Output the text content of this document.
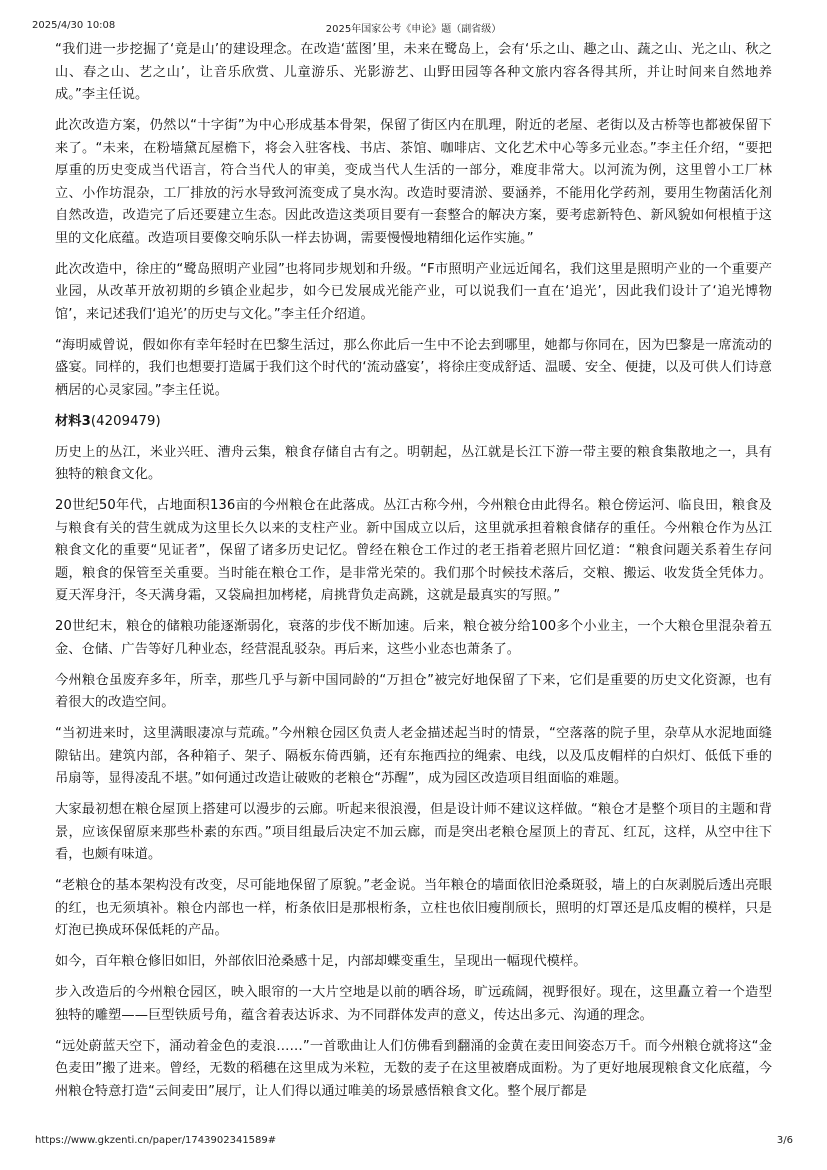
2025/4/30 10:08	2025年国家公考《申论》题（副省级）

“我们进一步挖掘了‘竟是山’的建设理念。在改造‘蓝图’里，未来在鹭岛上，会有‘乐之山、趣之山、蔬之山、光之山、秋之山、春之山、艺之山’，让音乐欣赏、儿童游乐、光影游艺、山野田园等各种文旅内容各得其所，并让时间来自然地养成。”李主任说。

此次改造方案，仍然以“十字街”为中心形成基本骨架，保留了街区内在肌理，附近的老屋、老街以及古桥等也都被保留下来了。“未来，在粉墙黛瓦屋檐下，将会入驻客栈、书店、茶馆、咖啡店、文化艺术中心等多元业态。”李主任介绍，“要把厚重的历史变成当代语言，符合当代人的审美，变成当代人生活的一部分，难度非常大。以河流为例，这里曾小工厂林立、小作坊混杂，工厂排放的污水导致河流变成了臭水沟。改造时要清淤、要涵养，不能用化学药剂，要用生物菌活化剂自然改造，改造完了后还要建立生态。因此改造这类项目要有一套整合的解决方案，要考虑新特色、新风貌如何根植于这里的文化底蕴。改造项目要像交响乐队一样去协调，需要慢慢地精细化运作实施。”

此次改造中，徐庄的“鹭岛照明产业园”也将同步规划和升级。“F市照明产业远近闻名，我们这里是照明产业的一个重要产业园，从改革开放初期的乡镇企业起步，如今已发展成光能产业，可以说我们一直在‘追光’，因此我们设计了‘追光博物馆’，来记述我们‘追光’的历史与文化。”李主任介绍道。

“海明威曾说，假如你有幸年轻时在巴黎生活过，那么你此后一生中不论去到哪里，她都与你同在，因为巴黎是一席流动的盛宴。同样的，我们也想要打造属于我们这个时代的‘流动盛宴’，将徐庄变成舒适、温暖、安全、便捷，以及可供人们诗意栖居的心灵家园。”李主任说。

材料3(4209479)

历史上的丛江，米业兴旺、漕舟云集，粮食存储自古有之。明朝起，丛江就是长江下游一带主要的粮食集散地之一，具有独特的粮食文化。

20世纪50年代，占地面积136亩的今州粮仓在此落成。丛江古称今州，今州粮仓由此得名。粮仓傍运河、临良田，粮食及与粮食有关的营生就成为这里长久以来的支柱产业。新中国成立以后，这里就承担着粮食储存的重任。今州粮仓作为丛江粮食文化的重要“见证者”，保留了诸多历史记忆。曾经在粮仓工作过的老王指着老照片回忆道：“粮食问题关系着生存问题，粮食的保管至关重要。当时能在粮仓工作，是非常光荣的。我们那个时候技术落后，交粮、搬运、收发货全凭体力。夏天浑身汗，冬天满身霜，又袋扁担加栲栳，肩挑背负走高跳，这就是最真实的写照。”

20世纪末，粮仓的储粮功能逐渐弱化，衰落的步伐不断加速。后来，粮仓被分给100多个小业主，一个大粮仓里混杂着五金、仓储、广告等好几种业态，经营混乱驳杂。再后来，这些小业态也萧条了。

今州粮仓虽废弃多年，所幸，那些几乎与新中国同龄的“万担仓”被完好地保留了下来，它们是重要的历史文化资源，也有着很大的改造空间。

“当初进来时，这里满眼凄凉与荒疏。”今州粮仓园区负责人老金描述起当时的情景，“空落落的院子里，杂草从水泥地面缝隙钻出。建筑内部，各种箱子、架子、隔板东倚西躺，还有东拖西拉的绳索、电线，以及瓜皮帽样的白炽灯、低低下垂的吊扇等，显得凌乱不堪。”如何通过改造让破败的老粮仓“苏醒”，成为园区改造项目组面临的难题。

大家最初想在粮仓屋顶上搭建可以漫步的云廊。听起来很浪漫，但是设计师不建议这样做。“粮仓才是整个项目的主题和背景，应该保留原来那些朴素的东西。”项目组最后决定不加云廊，而是突出老粮仓屋顶上的青瓦、红瓦，这样，从空中往下看，也颇有味道。

“老粮仓的基本架构没有改变，尽可能地保留了原貌。”老金说。当年粮仓的墙面依旧沧桑斑驳，墙上的白灰剥脱后透出亮眼的红，也无须填补。粮仓内部也一样，桁条依旧是那根桁条，立柱也依旧瘦削颀长，照明的灯罩还是瓜皮帽的模样，只是灯泡已换成环保低耗的产品。

如今，百年粮仓修旧如旧，外部依旧沧桑感十足，内部却蝶变重生，呈现出一幅现代模样。

步入改造后的今州粮仓园区，映入眼帘的一大片空地是以前的晒谷场，旷远疏阔，视野很好。现在，这里矗立着一个造型独特的雕塑——巨型铁质号角，蕴含着表达诉求、为不同群体发声的意义，传达出多元、沟通的理念。

“远处蔚蓝天空下，涌动着金色的麦浪……”一首歌曲让人们仿佛看到翻涌的金黄在麦田间姿态万千。而今州粮仓就将这“金色麦田”搬了进来。曾经，无数的稻穗在这里成为米粒，无数的麦子在这里被磨成面粉。为了更好地展现粮食文化底蕴，今州粮仓特意打造“云间麦田”展厅，让人们得以通过唯美的场景感悟粮食文化。整个展厅都是

https://www.gkzenti.cn/paper/1743902341589#	3/6
